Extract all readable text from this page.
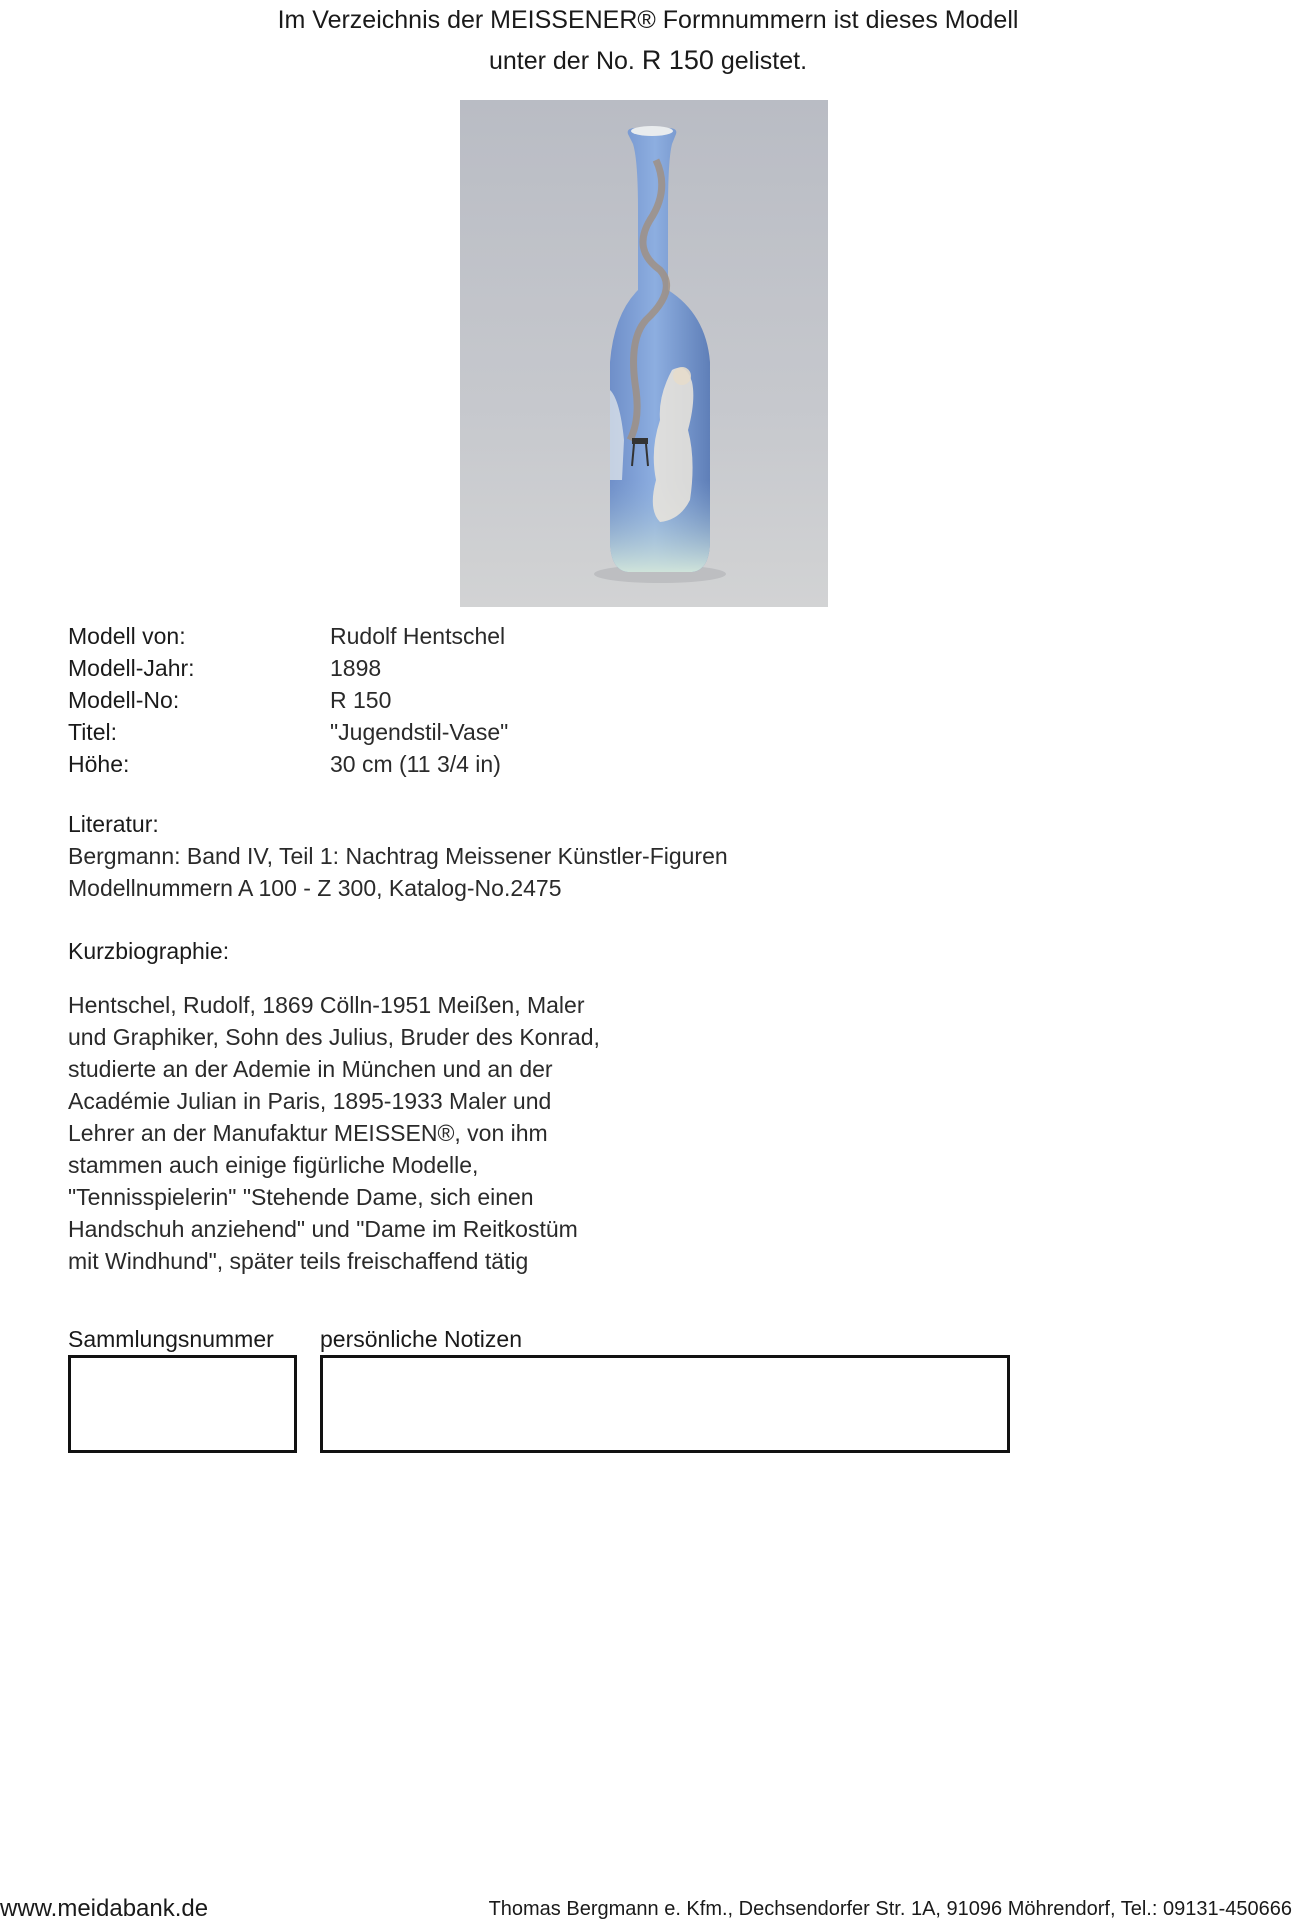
Im Verzeichnis der MEISSENER® Formnummern ist dieses Modell
unter der No. R 150 gelistet.
Modell von:	Rudolf Hentschel
Modell-Jahr:	1898
Modell-No:	R 150
Titel:	"Jugendstil-Vase"
Höhe:	30 cm (11 3/4 in)
Literatur:
Bergmann: Band IV, Teil 1: Nachtrag Meissener Künstler-Figuren
Modellnummern A 100 - Z 300, Katalog-No.2475
Kurzbiographie:
Hentschel, Rudolf, 1869 Cölln-1951 Meißen, Maler
und Graphiker, Sohn des Julius, Bruder des Konrad,
studierte an der Ademie in München und an der
Académie Julian in Paris, 1895-1933 Maler und
Lehrer an der Manufaktur MEISSEN®, von ihm
stammen auch einige figürliche Modelle,
"Tennisspielerin" "Stehende Dame, sich einen
Handschuh anziehend" und "Dame im Reitkostüm
mit Windhund", später teils freischaffend tätig
Sammlungsnummer persönliche Notizen
www.meidabank.de	Thomas Bergmann e. Kfm., Dechsendorfer Str. 1A, 91096 Möhrendorf, Tel.: 09131-450666
